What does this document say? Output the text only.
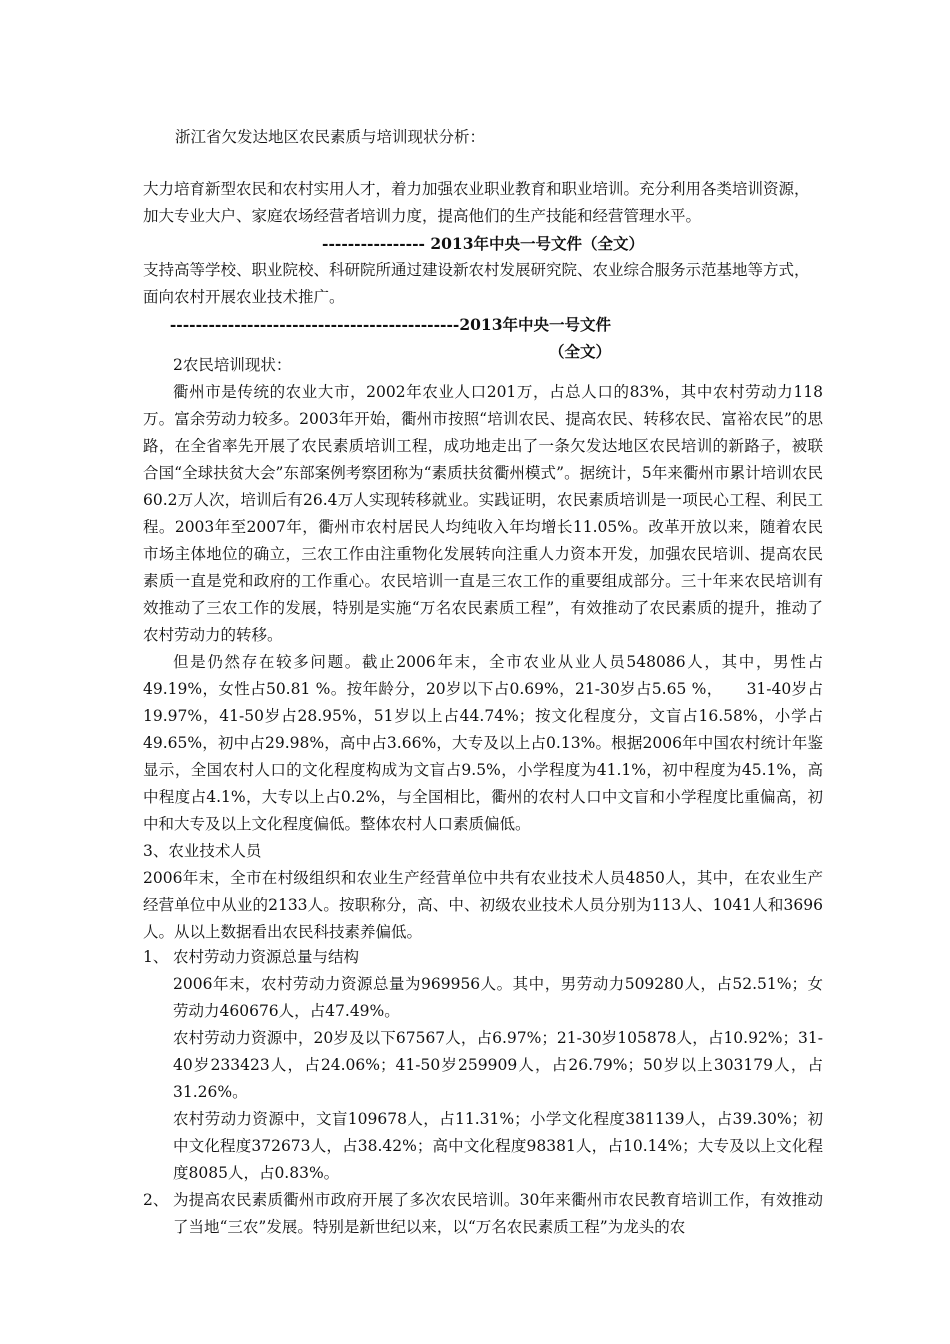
浙江省欠发达地区农民素质与培训现状分析：
大力培育新型农民和农村实用人才，着力加强农业职业教育和职业培训。充分利用各类培训资源，加大专业大户、家庭农场经营者培训力度，提高他们的生产技能和经营管理水平。
---------------- 2013年中央一号文件（全文）
支持高等学校、职业院校、科研院所通过建设新农村发展研究院、农业综合服务示范基地等方式，面向农村开展农业技术推广。
---------------------------------------------2013年中央一号文件（全文）

2农民培训现状：

衢州市是传统的农业大市，2002年农业人口201万，占总人口的83%，其中农村劳动力118万。富余劳动力较多。2003年开始，衢州市按照“培训农民、提高农民、转移农民、富裕农民”的思路，在全省率先开展了农民素质培训工程，成功地走出了一条欠发达地区农民培训的新路子，被联合国“全球扶贫大会”东部案例考察团称为“素质扶贫衢州模式”。据统计，5年来衢州市累计培训农民60.2万人次，培训后有26.4万人实现转移就业。实践证明，农民素质培训是一项民心工程、利民工程。2003年至2007年，衢州市农村居民人均纯收入年均增长11.05%。改革开放以来，随着农民市场主体地位的确立，三农工作由注重物化发展转向注重人力资本开发，加强农民培训、提高农民素质一直是党和政府的工作重心。农民培训一直是三农工作的重要组成部分。三十年来农民培训有效推动了三农工作的发展，特别是实施“万名农民素质工程”，有效推动了农民素质的提升，推动了农村劳动力的转移。

但是仍然存在较多问题。截止2006年末，全市农业从业人员548086人，其中，男性占49.19%，女性占50.81 %。按年龄分，20岁以下占0.69%，21-30岁占5.65 %，　　31-40岁占19.97%，41-50岁占28.95%，51岁以上占44.74%；按文化程度分，文盲占16.58%，小学占49.65%，初中占29.98%，高中占3.66%，大专及以上占0.13%。根据2006年中国农村统计年鉴显示，全国农村人口的文化程度构成为文盲占9.5%，小学程度为41.1%，初中程度为45.1%，高中程度占4.1%，大专以上占0.2%，与全国相比，衢州的农村人口中文盲和小学程度比重偏高，初中和大专及以上文化程度偏低。整体农村人口素质偏低。

3、农业技术人员

2006年末，全市在村级组织和农业生产经营单位中共有农业技术人员4850人，其中，在农业生产经营单位中从业的2133人。按职称分，高、中、初级农业技术人员分别为113人、1041人和3696人。从以上数据看出农民科技素养偏低。

1、 农村劳动力资源总量与结构
2006年末，农村劳动力资源总量为969956人。其中，男劳动力509280人，占52.51%；女劳动力460676人，占47.49%。
农村劳动力资源中，20岁及以下67567人，占6.97%；21-30岁105878人，占10.92%；31-40岁233423人，占24.06%；41-50岁259909人，占26.79%；50岁以上303179人，占31.26%。
农村劳动力资源中，文盲109678人，占11.31%；小学文化程度381139人，占39.30%；初中文化程度372673人，占38.42%；高中文化程度98381人，占10.14%；大专及以上文化程度8085人，占0.83%。
2、 为提高农民素质衢州市政府开展了多次农民培训。30年来衢州市农民教育培训工作，有效推动了当地“三农”发展。特别是新世纪以来，以“万名农民素质工程”为龙头的农
